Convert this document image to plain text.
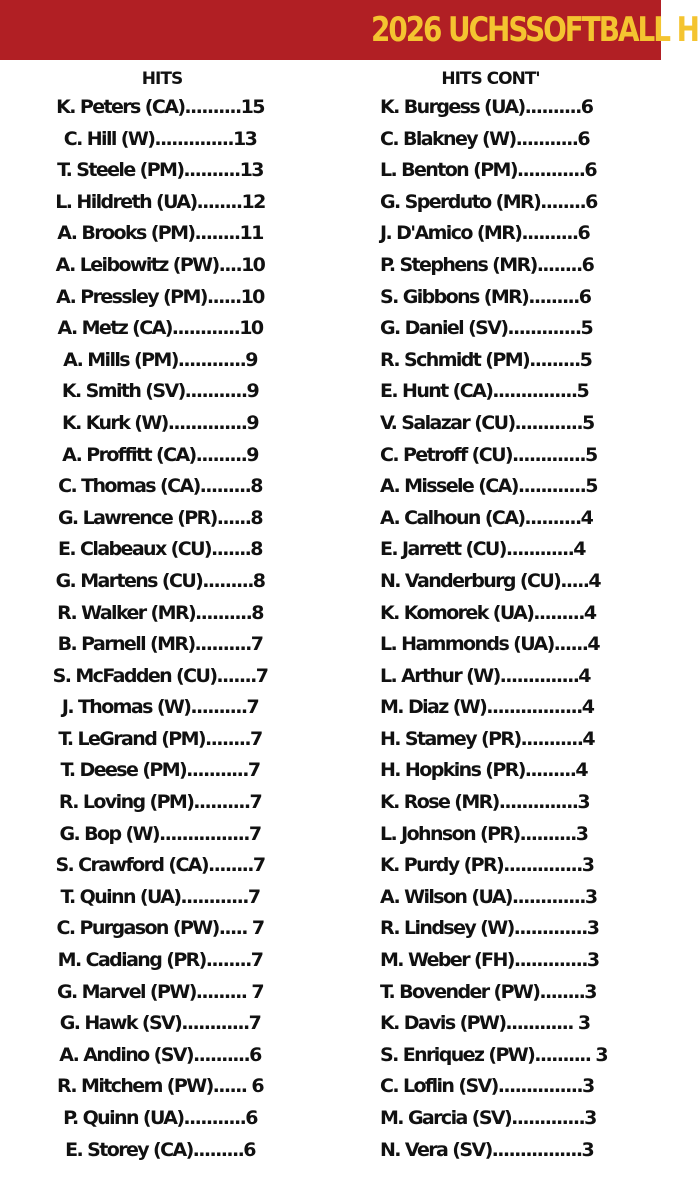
2026 UCHSSOFTBALL H
HITS
K. Peters (CA)..........15
C. Hill (W)..............13
T. Steele (PM)..........13
L. Hildreth (UA)........12
A. Brooks (PM)........11
A. Leibowitz (PW)....10
A. Pressley (PM)......10
A. Metz (CA)............10
A. Mills (PM)............9
K. Smith (SV)...........9
K. Kurk (W)..............9
A. Proffitt (CA).........9
C. Thomas (CA).........8
G. Lawrence (PR)......8
E. Clabeaux (CU).......8
G. Martens (CU).........8
R. Walker (MR)..........8
B. Parnell (MR)..........7
S. McFadden (CU).......7
J. Thomas (W)..........7
T. LeGrand (PM)........7
T. Deese (PM)...........7
R. Loving (PM)..........7
G. Bop (W)................7
S. Crawford (CA)........7
T. Quinn (UA)............7
C. Purgason (PW)..... 7
M. Cadiang (PR)........7
G. Marvel (PW)......... 7
G. Hawk (SV)............7
A. Andino (SV)..........6
R. Mitchem (PW)...... 6
P. Quinn (UA)...........6
E. Storey (CA).........6
HITS CONT'
K. Burgess (UA)..........6
C. Blakney (W)...........6
L. Benton (PM)............6
G. Sperduto (MR)........6
J. D'Amico (MR)..........6
P. Stephens (MR)........6
S. Gibbons (MR).........6
G. Daniel (SV).............5
R. Schmidt (PM).........5
E. Hunt (CA)...............5
V. Salazar (CU)............5
C. Petroff (CU).............5
A. Missele (CA)............5
A. Calhoun (CA)..........4
E. Jarrett (CU)............4
N. Vanderburg (CU).....4
K. Komorek (UA).........4
L. Hammonds (UA)......4
L. Arthur (W)..............4
M. Diaz (W).................4
H. Stamey (PR)...........4
H. Hopkins (PR).........4
K. Rose (MR)..............3
L. Johnson (PR)..........3
K. Purdy (PR)..............3
A. Wilson (UA).............3
R. Lindsey (W).............3
M. Weber (FH).............3
T. Bovender (PW)........3
K. Davis (PW)............ 3
S. Enriquez (PW).......... 3
C. Loflin (SV)...............3
M. Garcia (SV).............3
N. Vera (SV)................3
